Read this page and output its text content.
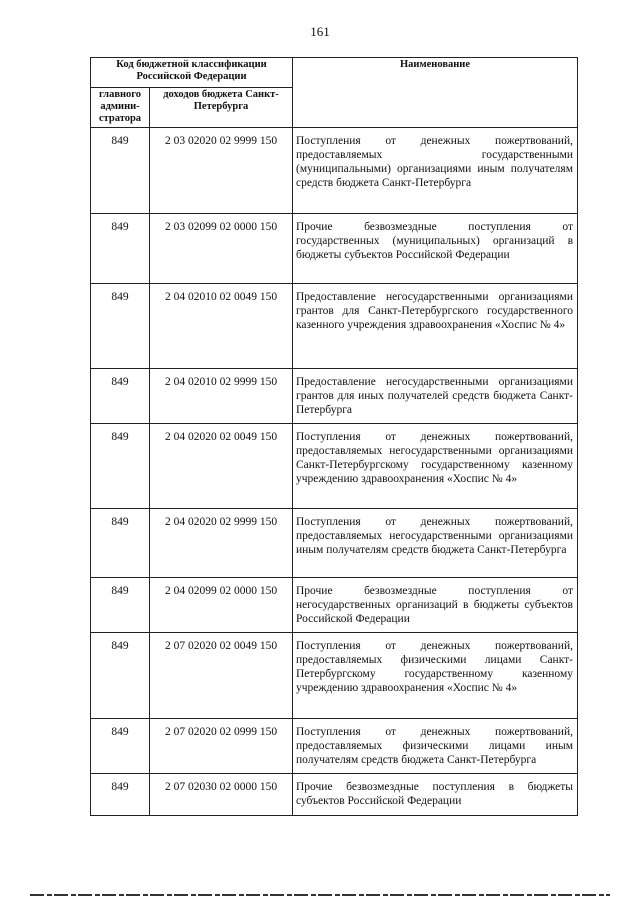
161
Код бюджетной классификации Российской Федерации		Наименование
главного админи-стратора	доходов бюджета Санкт-Петербурга	
849	2 03 02020 02 9999 150	Поступления от денежных пожертвований, предоставляемых государственными (муниципальными) организациями иным получателям средств бюджета Санкт-Петербурга
849	2 03 02099 02 0000 150	Прочие безвозмездные поступления от государственных (муниципальных) организаций в бюджеты субъектов Российской Федерации
849	2 04 02010 02 0049 150	Предоставление негосударственными организациями грантов для Санкт-Петербургского государственного казенного учреждения здравоохранения «Хоспис № 4»
849	2 04 02010 02 9999 150	Предоставление негосударственными организациями грантов для иных получателей средств бюджета Санкт-Петербурга
849	2 04 02020 02 0049 150	Поступления от денежных пожертвований, предоставляемых негосударственными организациями Санкт-Петербургскому государственному казенному учреждению здравоохранения «Хоспис № 4»
849	2 04 02020 02 9999 150	Поступления от денежных пожертвований, предоставляемых негосударственными организациями иным получателям средств бюджета Санкт-Петербурга
849	2 04 02099 02 0000 150	Прочие безвозмездные поступления от негосударственных организаций в бюджеты субъектов Российской Федерации
849	2 07 02020 02 0049 150	Поступления от денежных пожертвований, предоставляемых физическими лицами Санкт-Петербургскому государственному казенному учреждению здравоохранения «Хоспис № 4»
849	2 07 02020 02 0999 150	Поступления от денежных пожертвований, предоставляемых физическими лицами иным получателям средств бюджета Санкт-Петербурга
849	2 07 02030 02 0000 150	Прочие безвозмездные поступления в бюджеты субъектов Российской Федерации
